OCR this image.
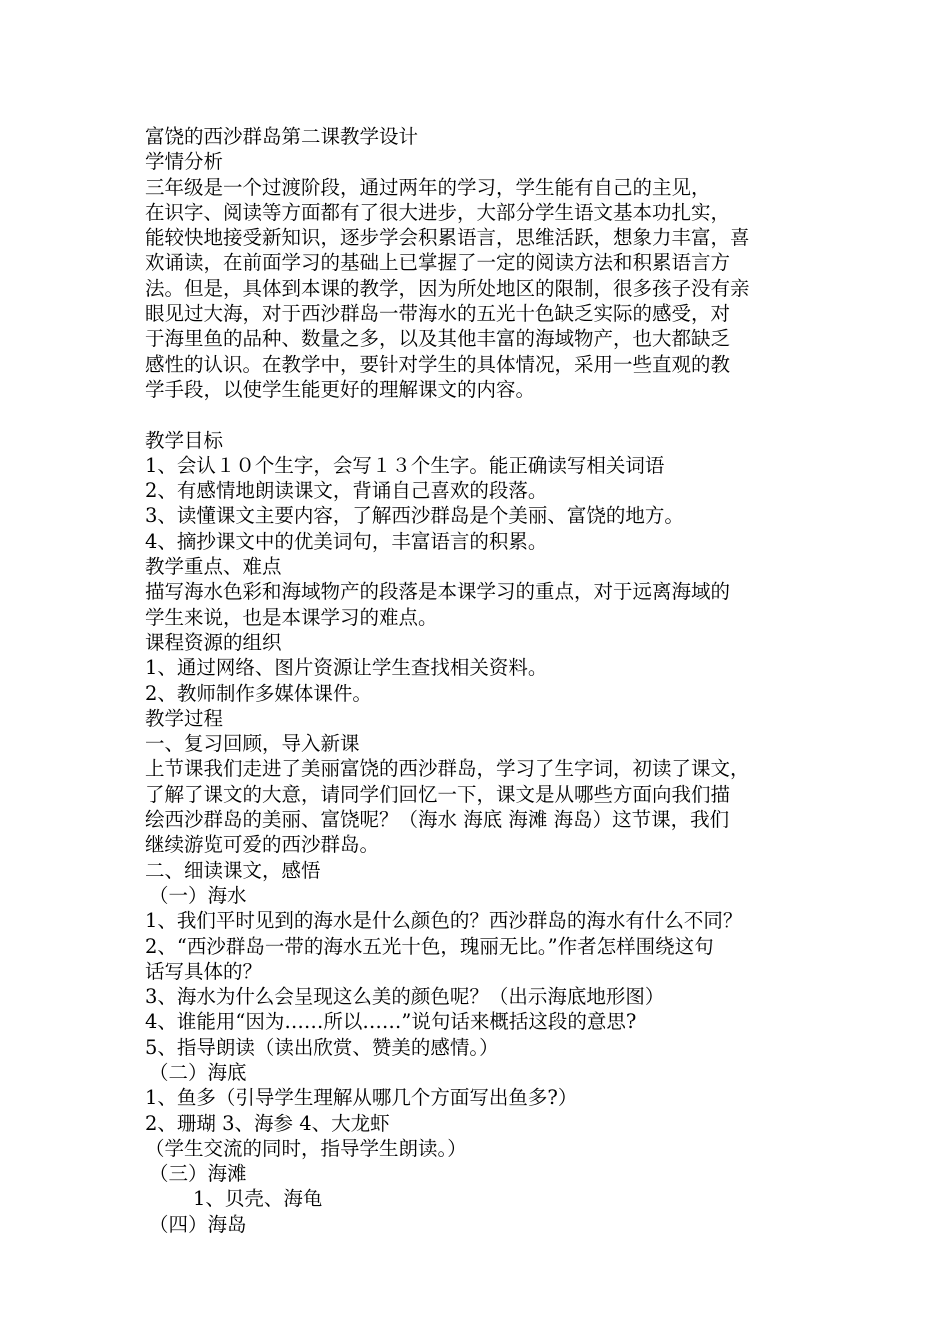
富饶的西沙群岛第二课教学设计
学情分析
三年级是一个过渡阶段，通过两年的学习，学生能有自己的主见，
在识字、阅读等方面都有了很大进步，大部分学生语文基本功扎实，
能较快地接受新知识，逐步学会积累语言，思维活跃，想象力丰富，喜
欢诵读，在前面学习的基础上已掌握了一定的阅读方法和积累语言方
法。但是，具体到本课的教学，因为所处地区的限制，很多孩子没有亲
眼见过大海，对于西沙群岛一带海水的五光十色缺乏实际的感受，对
于海里鱼的品种、数量之多，以及其他丰富的海域物产，也大都缺乏
感性的认识。在教学中，要针对学生的具体情况，采用一些直观的教
学手段，以使学生能更好的理解课文的内容。
教学目标
1、会认１０个生字，会写１３个生字。能正确读写相关词语
2、有感情地朗读课文，背诵自己喜欢的段落。
3、读懂课文主要内容，了解西沙群岛是个美丽、富饶的地方。
4、摘抄课文中的优美词句，丰富语言的积累。
教学重点、难点
描写海水色彩和海域物产的段落是本课学习的重点，对于远离海域的
学生来说，也是本课学习的难点。
课程资源的组织
1、通过网络、图片资源让学生查找相关资料。
2、教师制作多媒体课件。
教学过程
一、复习回顾，导入新课
上节课我们走进了美丽富饶的西沙群岛，学习了生字词，初读了课文，
了解了课文的大意，请同学们回忆一下，课文是从哪些方面向我们描
绘西沙群岛的美丽、富饶呢？（海水 海底 海滩 海岛）这节课，我们
继续游览可爱的西沙群岛。
二、细读课文，感悟
（一）海水
1、我们平时见到的海水是什么颜色的？西沙群岛的海水有什么不同？
2、“西沙群岛一带的海水五光十色，瑰丽无比。”作者怎样围绕这句
话写具体的？
3、海水为什么会呈现这么美的颜色呢？（出示海底地形图）
4、谁能用“因为……所以……”说句话来概括这段的意思?
5、指导朗读（读出欣赏、赞美的感情。）
（二）海底
1、鱼多（引导学生理解从哪几个方面写出鱼多?）
2、珊瑚 3、海参 4、大龙虾
（学生交流的同时，指导学生朗读。）
（三）海滩
1、贝壳、海龟
（四）海岛
